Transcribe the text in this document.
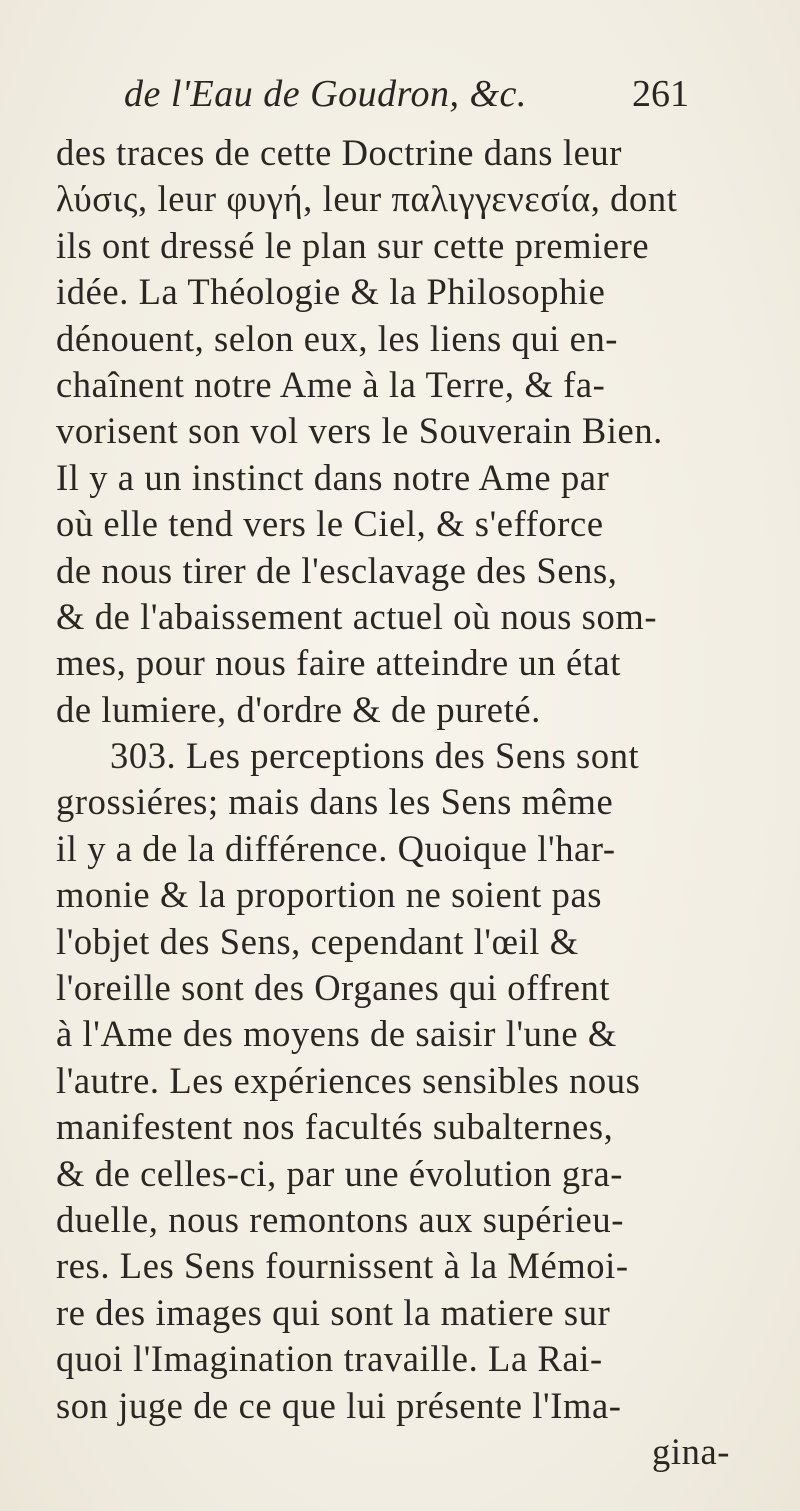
de l'Eau de Goudron, &c.	261
des traces de cette Doctrine dans leur
λύσις, leur φυγή, leur παλιγγενεσία, dont
ils ont dressé le plan sur cette premiere
idée. La Théologie & la Philosophie
dénouent, selon eux, les liens qui en-
chaînent notre Ame à la Terre, & fa-
vorisent son vol vers le Souverain Bien.
Il y a un instinct dans notre Ame par
où elle tend vers le Ciel, & s'efforce
de nous tirer de l'esclavage des Sens,
& de l'abaissement actuel où nous som-
mes, pour nous faire atteindre un état
de lumiere, d'ordre & de pureté.
303. Les perceptions des Sens sont
grossiéres; mais dans les Sens même
il y a de la différence. Quoique l'har-
monie & la proportion ne soient pas
l'objet des Sens, cependant l'œil &
l'oreille sont des Organes qui offrent
à l'Ame des moyens de saisir l'une &
l'autre. Les expériences sensibles nous
manifestent nos facultés subalternes,
& de celles-ci, par une évolution gra-
duelle, nous remontons aux supérieu-
res. Les Sens fournissent à la Mémoi-
re des images qui sont la matiere sur
quoi l'Imagination travaille. La Rai-
son juge de ce que lui présente l'Ima-
gina-
